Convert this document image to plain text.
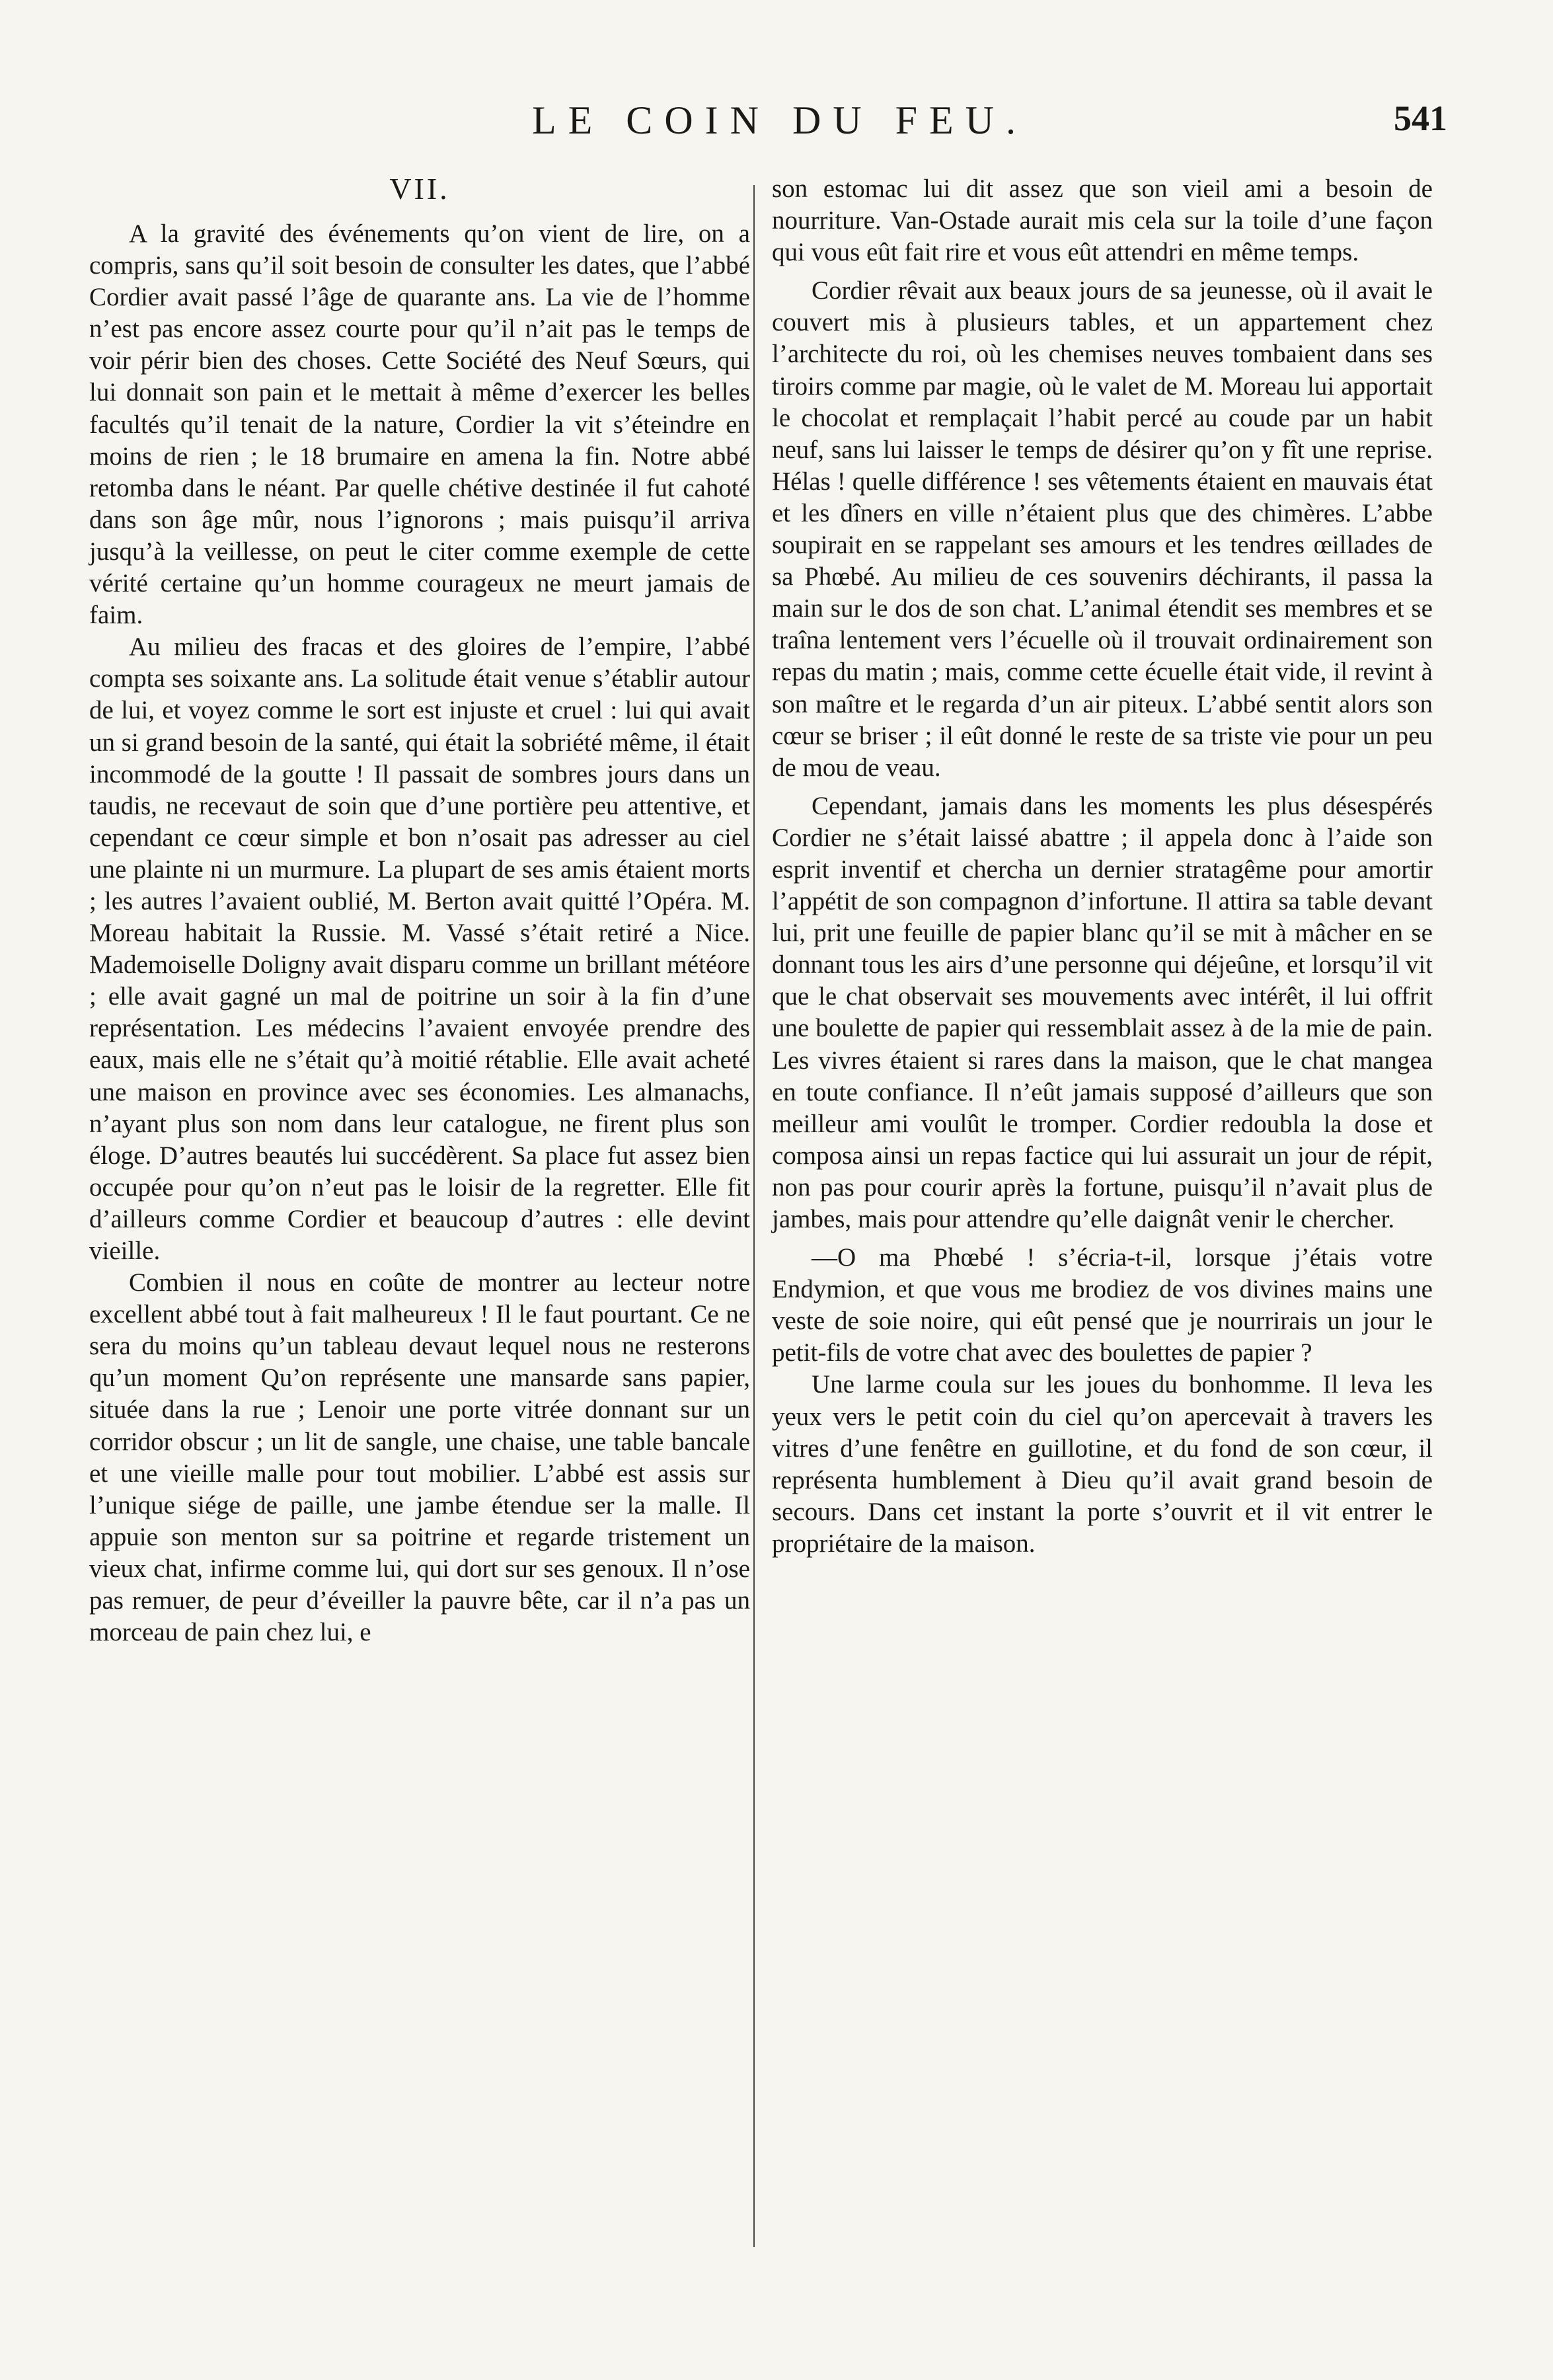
LE COIN DU FEU.	541
VII.

A la gravité des événements qu’on vient de lire, on a compris, sans qu’il soit besoin de consulter les dates, que l’abbé Cordier avait passé l’âge de quarante ans. La vie de l’homme n’est pas encore assez courte pour qu’il n’ait pas le temps de voir périr bien des choses. Cette Société des Neuf Sœurs, qui lui donnait son pain et le mettait à même d’exercer les belles facultés qu’il tenait de la nature, Cordier la vit s’éteindre en moins de rien ; le 18 brumaire en amena la fin. Notre abbé retomba dans le néant. Par quelle chétive destinée il fut cahoté dans son âge mûr, nous l’ignorons ; mais puisqu’il arriva jusqu’à la veillesse, on peut le citer comme exemple de cette vérité certaine qu’un homme courageux ne meurt jamais de faim.

Au milieu des fracas et des gloires de l’empire, l’abbé compta ses soixante ans. La solitude était venue s’établir autour de lui, et voyez comme le sort est injuste et cruel : lui qui avait un si grand besoin de la santé, qui était la sobriété même, il était incommodé de la goutte ! Il passait de sombres jours dans un taudis, ne recevaut de soin que d’une portière peu attentive, et cependant ce cœur simple et bon n’osait pas adresser au ciel une plainte ni un murmure. La plupart de ses amis étaient morts ; les autres l’avaient oublié, M. Berton avait quitté l’Opéra. M. Moreau habitait la Russie. M. Vassé s’était retiré a Nice. Mademoiselle Doligny avait disparu comme un brillant météore ; elle avait gagné un mal de poitrine un soir à la fin d’une représentation. Les médecins l’avaient envoyée prendre des eaux, mais elle ne s’était qu’à moitié rétablie. Elle avait acheté une maison en province avec ses économies. Les almanachs, n’ayant plus son nom dans leur catalogue, ne firent plus son éloge. D’autres beautés lui succédèrent. Sa place fut assez bien occupée pour qu’on n’eut pas le loisir de la regretter. Elle fit d’ailleurs comme Cordier et beaucoup d’autres : elle devint vieille.

Combien il nous en coûte de montrer au lecteur notre excellent abbé tout à fait malheureux ! Il le faut pourtant. Ce ne sera du moins qu’un tableau devaut lequel nous ne resterons qu’un moment Qu’on représente une mansarde sans papier, située dans la rue ; Lenoir une porte vitrée donnant sur un corridor obscur ; un lit de sangle, une chaise, une table bancale et une vieille malle pour tout mobilier. L’abbé est assis sur l’unique siége de paille, une jambe étendue ser la malle. Il appuie son menton sur sa poitrine et regarde tristement un vieux chat, infirme comme lui, qui dort sur ses genoux. Il n’ose pas remuer, de peur d’éveiller la pauvre bête, car il n’a pas un morceau de pain chez lui, e

son estomac lui dit assez que son vieil ami a besoin de nourriture. Van-Ostade aurait mis cela sur la toile d’une façon qui vous eût fait rire et vous eût attendri en même temps.

Cordier rêvait aux beaux jours de sa jeunesse, où il avait le couvert mis à plusieurs tables, et un appartement chez l’architecte du roi, où les chemises neuves tombaient dans ses tiroirs comme par magie, où le valet de M. Moreau lui apportait le chocolat et remplaçait l’habit percé au coude par un habit neuf, sans lui laisser le temps de désirer qu’on y fît une reprise. Hélas ! quelle différence ! ses vêtements étaient en mauvais état et les dîners en ville n’étaient plus que des chimères. L’abbe soupirait en se rappelant ses amours et les tendres œillades de sa Phœbé. Au milieu de ces souvenirs déchirants, il passa la main sur le dos de son chat. L’animal étendit ses membres et se traîna lentement vers l’écuelle où il trouvait ordinairement son repas du matin ; mais, comme cette écuelle était vide, il revint à son maître et le regarda d’un air piteux. L’abbé sentit alors son cœur se briser ; il eût donné le reste de sa triste vie pour un peu de mou de veau.

Cependant, jamais dans les moments les plus désespérés Cordier ne s’était laissé abattre ; il appela donc à l’aide son esprit inventif et chercha un dernier stratagême pour amortir l’appétit de son compagnon d’infortune. Il attira sa table devant lui, prit une feuille de papier blanc qu’il se mit à mâcher en se donnant tous les airs d’une personne qui déjeûne, et lorsqu’il vit que le chat observait ses mouvements avec intérêt, il lui offrit une boulette de papier qui ressemblait assez à de la mie de pain. Les vivres étaient si rares dans la maison, que le chat mangea en toute confiance. Il n’eût jamais supposé d’ailleurs que son meilleur ami voulût le tromper. Cordier redoubla la dose et composa ainsi un repas factice qui lui assurait un jour de répit, non pas pour courir après la fortune, puisqu’il n’avait plus de jambes, mais pour attendre qu’elle daignât venir le chercher.

—O ma Phœbé ! s’écria-t-il, lorsque j’étais votre Endymion, et que vous me brodiez de vos divines mains une veste de soie noire, qui eût pensé que je nourrirais un jour le petit-fils de votre chat avec des boulettes de papier ?

Une larme coula sur les joues du bonhomme. Il leva les yeux vers le petit coin du ciel qu’on apercevait à travers les vitres d’une fenêtre en guillotine, et du fond de son cœur, il représenta humblement à Dieu qu’il avait grand besoin de secours. Dans cet instant la porte s’ouvrit et il vit entrer le propriétaire de la maison.
